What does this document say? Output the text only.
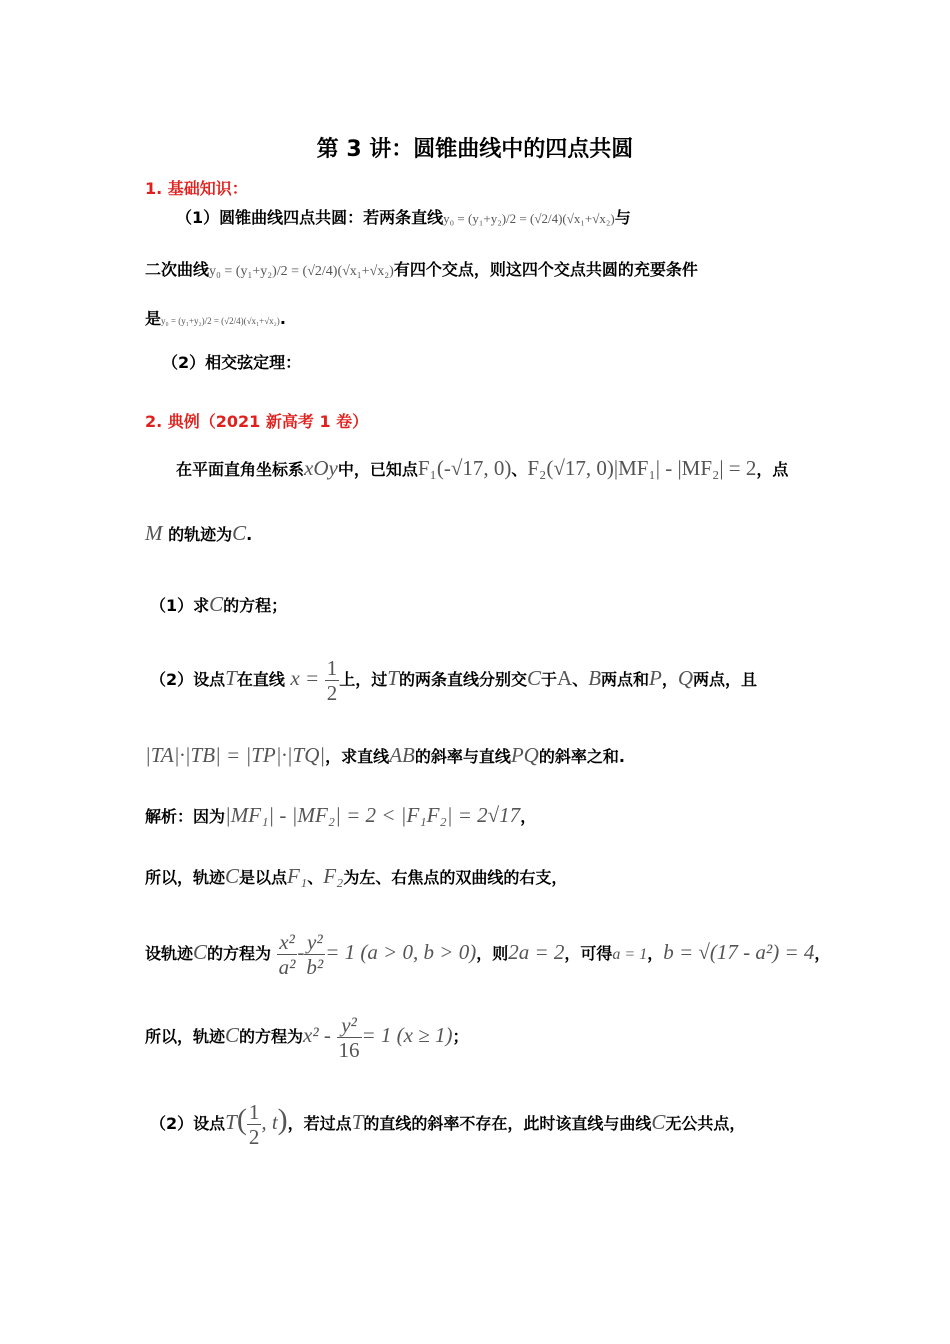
第 3 讲：圆锥曲线中的四点共圆
1. 基础知识：
（1）圆锥曲线四点共圆：若两条直线y₀ = (y₁+y₂)/2 = (√2/4)(√x₁+√x₂)与
二次曲线y₀ = (y₁+y₂)/2 = (√2/4)(√x₁+√x₂)有四个交点，则这四个交点共圆的充要条件
是y₀ = (y₁+y₂)/2 = (√2/4)(√x₁+√x₂).
（2）相交弦定理：
2. 典例（2021 新高考 1 卷）
在平面直角坐标系xOy中，已知点F₁(-√17, 0)、F₂(√17, 0)|MF₁| - |MF₂| = 2，点
M 的轨迹为C.
（1）求C的方程；
（2）设点T在直线 $x = \frac{1}{2}$ 上，过T的两条直线分别交C于A、B两点和P，Q两点，且
|TA|·|TB| = |TP|·|TQ|，求直线AB的斜率与直线PQ的斜率之和.
解析：因为|MF₁| - |MF₂| = 2 < |F₁F₂| = 2√17，
所以，轨迹C是以点F₁、F₂为左、右焦点的双曲线的右支，
设轨迹C的方程为 $\frac{\text{x²}}{\text{a²}} - \frac{\text{y²}}{\text{b²}} = 1$ (a > 0, b > 0)，则2a = 2，可得a = 1，b = √(17 - a²) = 4，
所以，轨迹C的方程为$x^2 - \frac{\text{y²}}{16} = 1$ (x ≥ 1)；
（2）设点$T( \frac{1}{2}$ , t)，若过点T的直线的斜率不存在，此时该直线与曲线C无公共点，
